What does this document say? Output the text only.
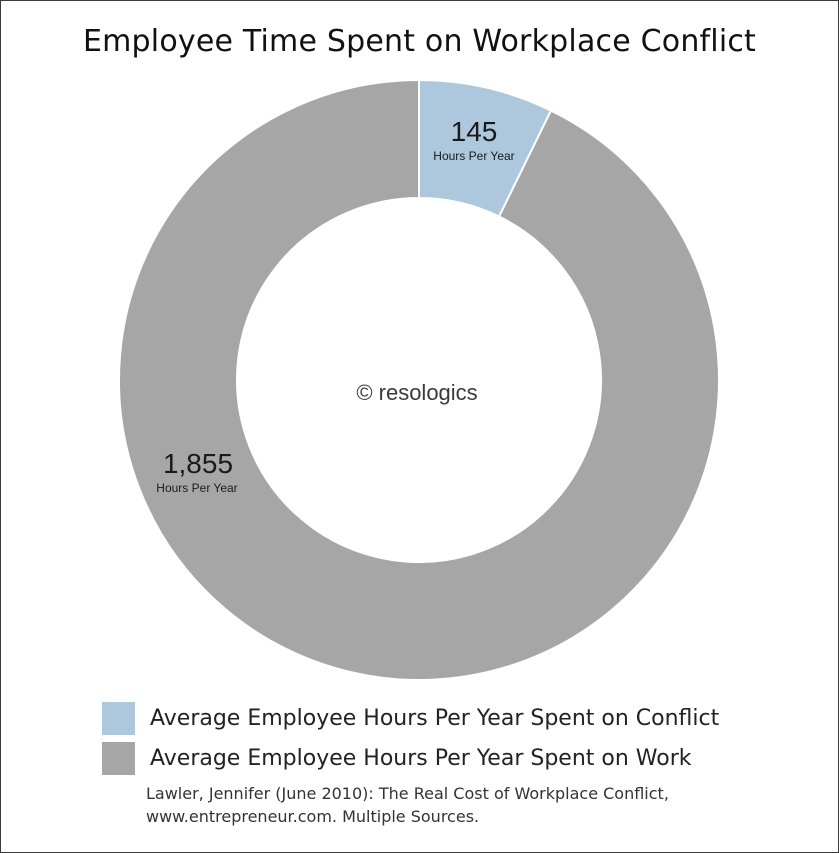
Employee Time Spent on Workplace Conflict
145
Hours Per Year
1,855
Hours Per Year
© resologics
Average Employee Hours Per Year Spent on Conflict
Average Employee Hours Per Year Spent on Work
Lawler, Jennifer (June 2010): The Real Cost of Workplace Conflict,
www.entrepreneur.com. Multiple Sources.
